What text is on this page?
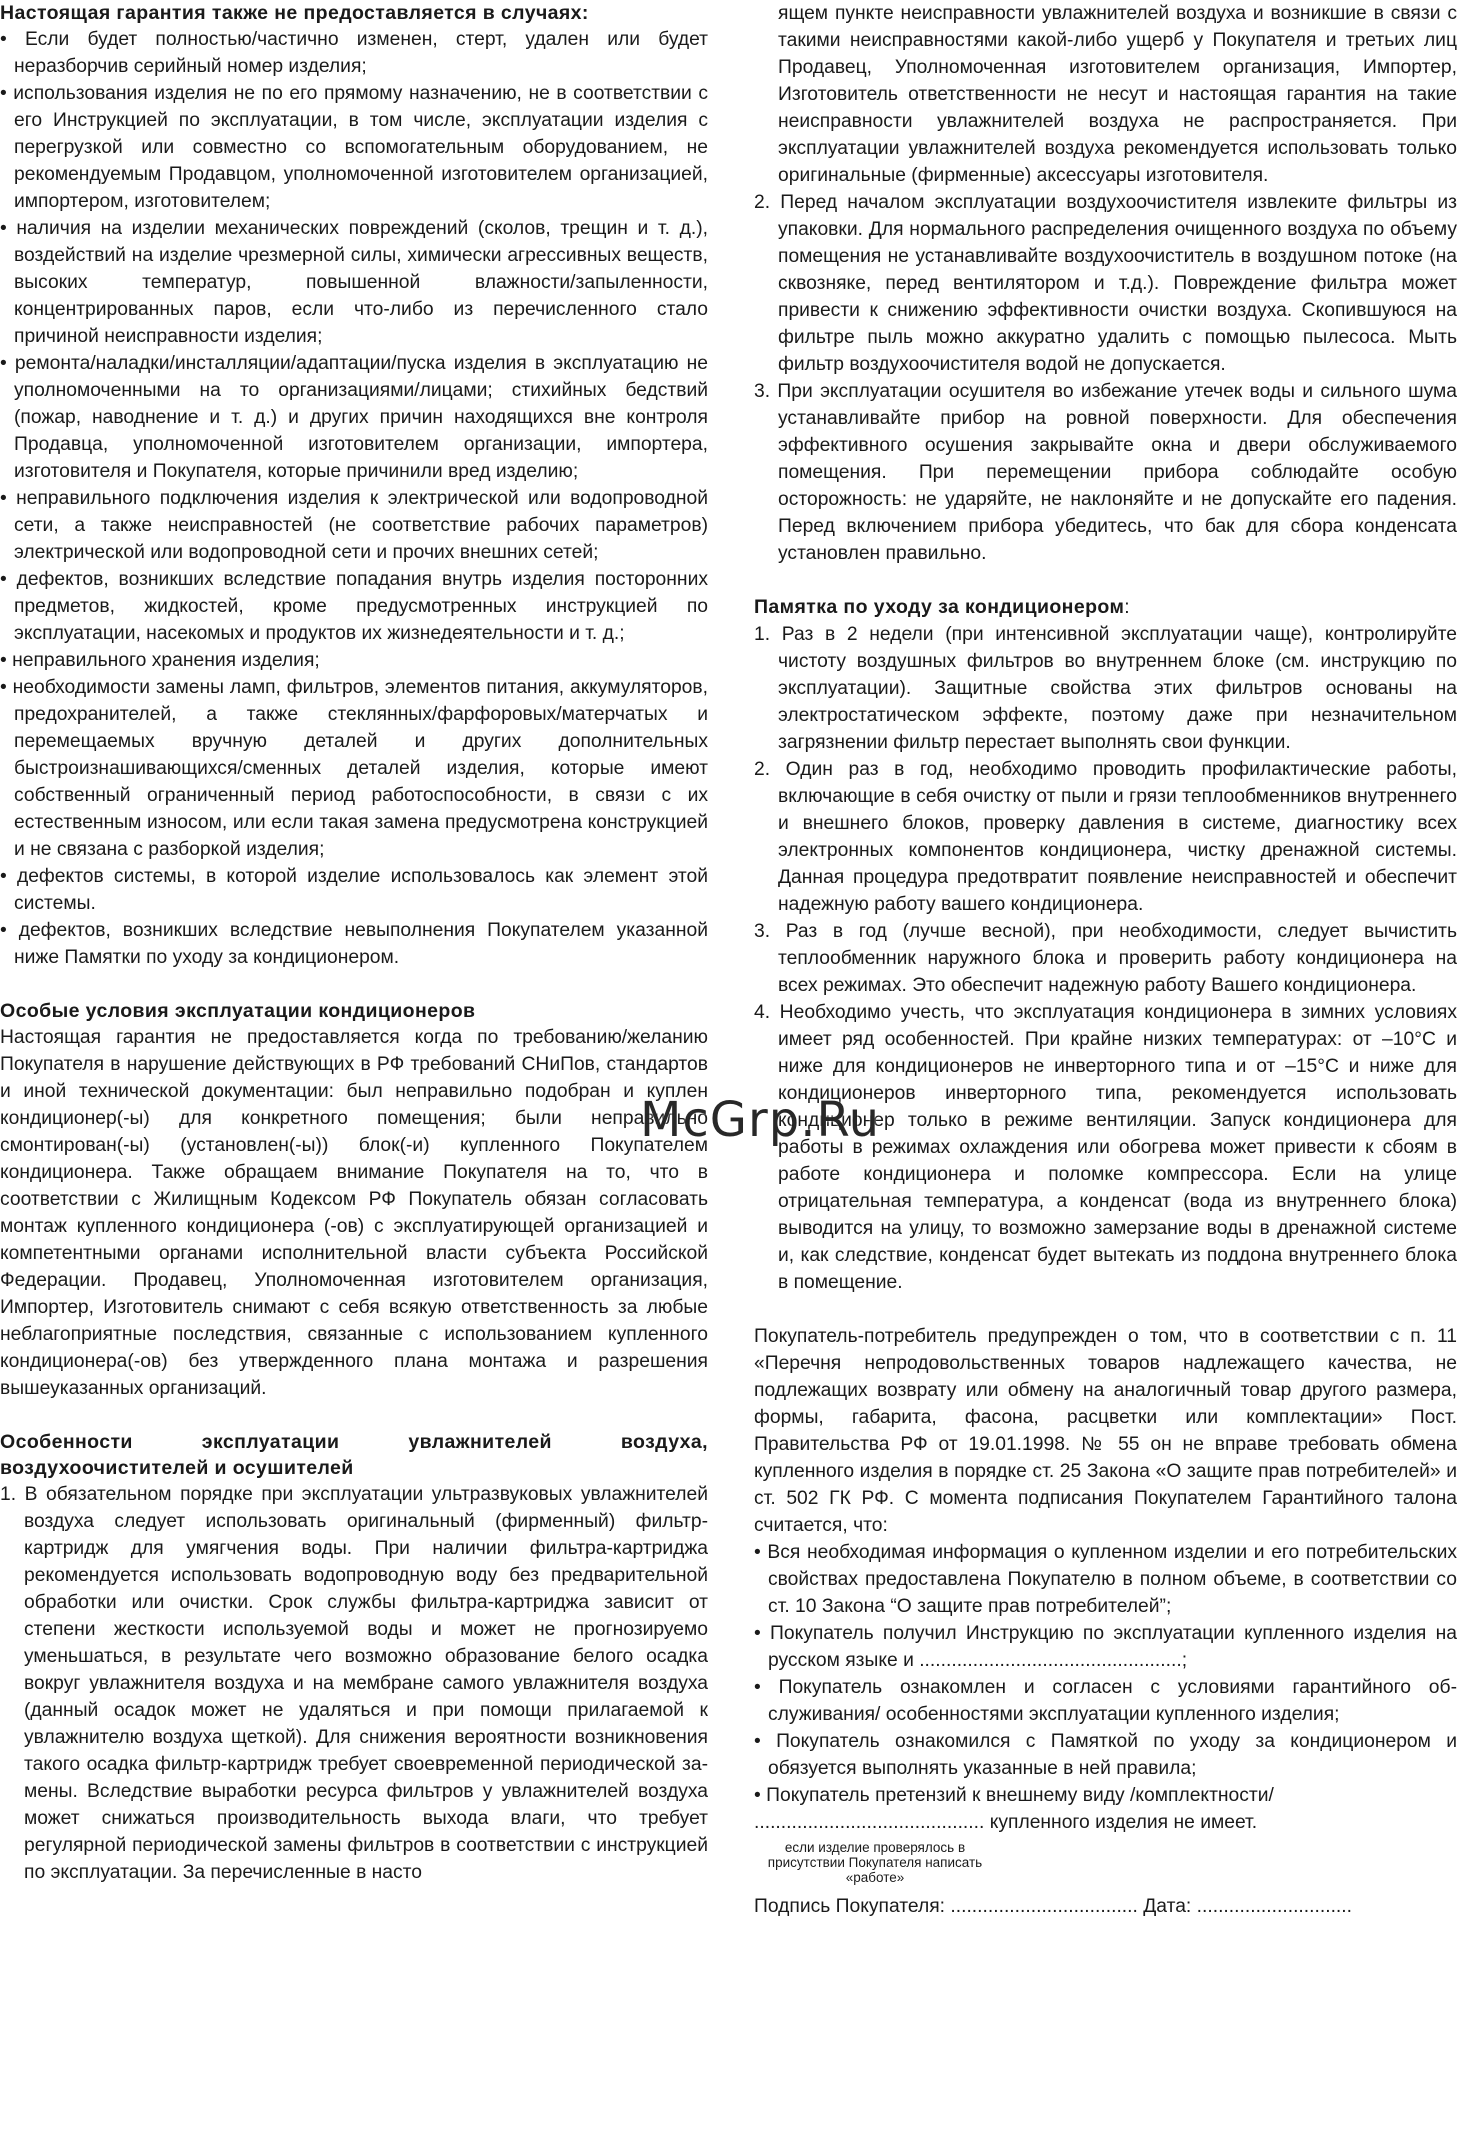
Настоящая гарантия также не предоставляется в случаях:

• Если будет полностью/частично изменен, стерт, удален или будет неразборчив серийный номер изделия;

• использования изделия не по его прямому назначению, не в соответствии с его Инструкцией по эксплуатации, в том числе, эксплуатации изделия с перегрузкой или совместно со вспомогательным оборудованием, не рекомендуемым Продавцом, уполномоченной изготовителем организацией, импортером, изготовителем;

• наличия на изделии механических повреждений (сколов, трещин и т. д.), воздействий на изделие чрезмерной силы, химически агрессивных веществ, высоких температур, повышенной влажности/запыленности, концентрированных паров, если что-либо из перечисленного стало причиной неисправности изделия;

• ремонта/наладки/инсталляции/адаптации/пуска изделия в эксплуатацию не уполномоченными на то организациями/лицами; стихийных бедствий (пожар, наводнение и т. д.) и других причин находящихся вне контроля Продавца, уполномоченной изготовителем организации, импортера, изготовителя и Покупателя, которые причинили вред изделию;

• неправильного подключения изделия к электрической или водопроводной сети, а также неисправностей (не соответствие рабочих параметров) электрической или водопроводной сети и прочих внешних сетей;

• дефектов, возникших вследствие попадания внутрь изделия посторонних предметов, жидкостей, кроме предусмотренных инструкцией по эксплуатации, насекомых и продуктов их жизнедеятельности и т. д.;

• неправильного хранения изделия;

• необходимости замены ламп, фильтров, элементов питания, аккумуляторов, предохранителей, а также стеклянных/фарфоровых/матерчатых и перемещаемых вручную деталей и других дополнительных быстроизнашивающихся/сменных деталей изделия, которые имеют собственный ограниченный период работоспособности, в связи с их естественным износом, или если такая замена предусмотрена конструкцией и не связана с разборкой изделия;

• дефектов системы, в которой изделие использовалось как элемент этой системы.

• дефектов, возникших вследствие невыполнения Покупателем указанной ниже Памятки по уходу за кондиционером.

Особые условия эксплуатации кондиционеров

Настоящая гарантия не предоставляется когда по требованию/желанию Покупателя в нарушение действующих в РФ требований СНиПов, стандартов и иной технической документации: был неправильно подобран и куплен кондиционер(-ы) для конкретного помещения; были неправильно смонтирован(-ы) (установлен(-ы)) блок(-и) купленного Покупателем кондиционера. Также обращаем внимание Покупателя на то, что в соответствии с Жилищным Кодексом РФ Покупатель обязан согласовать монтаж купленного кондиционера (-ов) с эксплуатирующей организацией и компетентными органами исполнительной власти субъекта Российской Федерации. Продавец, Уполномоченная изготовителем организация, Импортер, Изготовитель снимают с себя всякую ответственность за любые неблагоприятные последствия, связанные с использованием купленного кондиционера(-ов) без утвержденного плана монтажа и разрешения вышеуказанных организаций.

Особенности эксплуатации увлажнителей воздуха, воздухоочистителей и осушителей

1. В обязательном порядке при эксплуатации ультразвуковых увлажнителей воздуха следует использовать оригинальный (фирменный) фильтр-картридж для умягчения воды. При наличии фильтра-картриджа рекомендуется использовать водопроводную воду без предварительной обработки или очистки. Срок службы фильтра-картриджа зависит от степени жесткости используемой воды и может не прогнозируемо уменьшаться, в результате чего возможно образование белого осадка вокруг увлажнителя воздуха и на мембране самого увлажнителя воздуха (данный осадок может не удаляться и при помощи прилагаемой к увлажнителю воздуха щеткой). Для снижения вероятности возникновения такого осадка фильтр-картридж требует своевременной периодической замены. Вследствие выработки ресурса фильтров у увлажнителей воздуха может снижаться производительность выхода влаги, что требует регулярной периодической замены фильтров в соответствии с инструкцией по эксплуатации. За перечисленные в насто

ящем пункте неисправности увлажнителей воздуха и возникшие в связи с такими неисправностями какой-либо ущерб у Покупателя и третьих лиц Продавец, Уполномоченная изготовителем организация, Импортер, Изготовитель ответственности не несут и настоящая гарантия на такие неисправности увлажнителей воздуха не распространяется. При эксплуатации увлажнителей воздуха рекомендуется использовать только оригинальные (фирменные) аксессуары изготовителя.

2. Перед началом эксплуатации воздухоочистителя извлеките фильтры из упаковки. Для нормального распределения очищенного воздуха по объему помещения не устанавливайте воздухоочиститель в воздушном потоке (на сквозняке, перед вентилятором и т.д.). Повреждение фильтра может привести к снижению эффективности очистки воздуха. Скопившуюся на фильтре пыль можно аккуратно удалить с помощью пылесоса. Мыть фильтр воздухоочистителя водой не допускается.

3. При эксплуатации осушителя во избежание утечек воды и сильного шума устанавливайте прибор на ровной поверхности. Для обеспечения эффективного осушения закрывайте окна и двери обслуживаемого помещения. При перемещении прибора соблюдайте особую осторожность: не ударяйте, не наклоняйте и не допускайте его падения. Перед включением прибора убедитесь, что бак для сбора конденсата установлен правильно.

Памятка по уходу за кондиционером:

1. Раз в 2 недели (при интенсивной эксплуатации чаще), контролируйте чистоту воздушных фильтров во внутреннем блоке (см. инструкцию по эксплуатации). Защитные свойства этих фильтров основаны на электростатическом эффекте, поэтому даже при незначительном загрязнении фильтр перестает выполнять свои функции.

2. Один раз в год, необходимо проводить профилактические работы, включающие в себя очистку от пыли и грязи теплообменников внутреннего и внешнего блоков, проверку давления в системе, диагностику всех электронных компонентов кондиционера, чистку дренажной системы. Данная процедура предотвратит появление неисправностей и обеспечит надежную работу вашего кондиционера.

3. Раз в год (лучше весной), при необходимости, следует вычистить теплообменник наружного блока и проверить работу кондиционера на всех режимах. Это обеспечит надежную работу Вашего кондиционера.

4. Необходимо учесть, что эксплуатация кондиционера в зимних условиях имеет ряд особенностей. При крайне низких температурах: от –10°С и ниже для кондиционеров не инверторного типа и от –15°С и ниже для кондиционеров инверторного типа, рекомендуется использовать кондиционер только в режиме вентиляции. Запуск кондиционера для работы в режимах охлаждения или обогрева может привести к сбоям в работе кондиционера и поломке компрессора. Если на улице отрицательная температура, а конденсат (вода из внутреннего блока) выводится на улицу, то возможно замерзание воды в дренажной системе и, как следствие, конденсат будет вытекать из поддона внутреннего блока в помещение.

Покупатель-потребитель предупрежден о том, что в соответствии с п. 11 «Перечня непродовольственных товаров надлежащего качества, не подлежащих возврату или обмену на аналогичный товар другого размера, формы, габарита, фасона, расцветки или комплектации» Пост. Правительства РФ от 19.01.1998. № 55 он не вправе требовать обмена купленного изделия в порядке ст. 25 Закона «О защите прав потребителей» и ст. 502 ГК РФ. С момента подписания Покупателем Гарантийного талона считается, что:

• Вся необходимая информация о купленном изделии и его потребительских свойствах предоставлена Покупателю в полном объеме, в соответствии со ст. 10 Закона “О защите прав потребителей”;

• Покупатель получил Инструкцию по эксплуатации купленного изделия на русском языке и .................................................;

• Покупатель ознакомлен и согласен с условиями гарантийного обслуживания/ особенностями эксплуатации купленного изделия;

• Покупатель ознакомился с Памяткой по уходу за кондиционером и обязуется выполнять указанные в ней правила;

• Покупатель претензий к внешнему виду /комплектности/

........................................... купленного изделия не имеет.
если изделие проверялось в присутствии Покупателя написать «работе»
Подпись Покупателя: ................................... Дата: .............................
McGrp.Ru
